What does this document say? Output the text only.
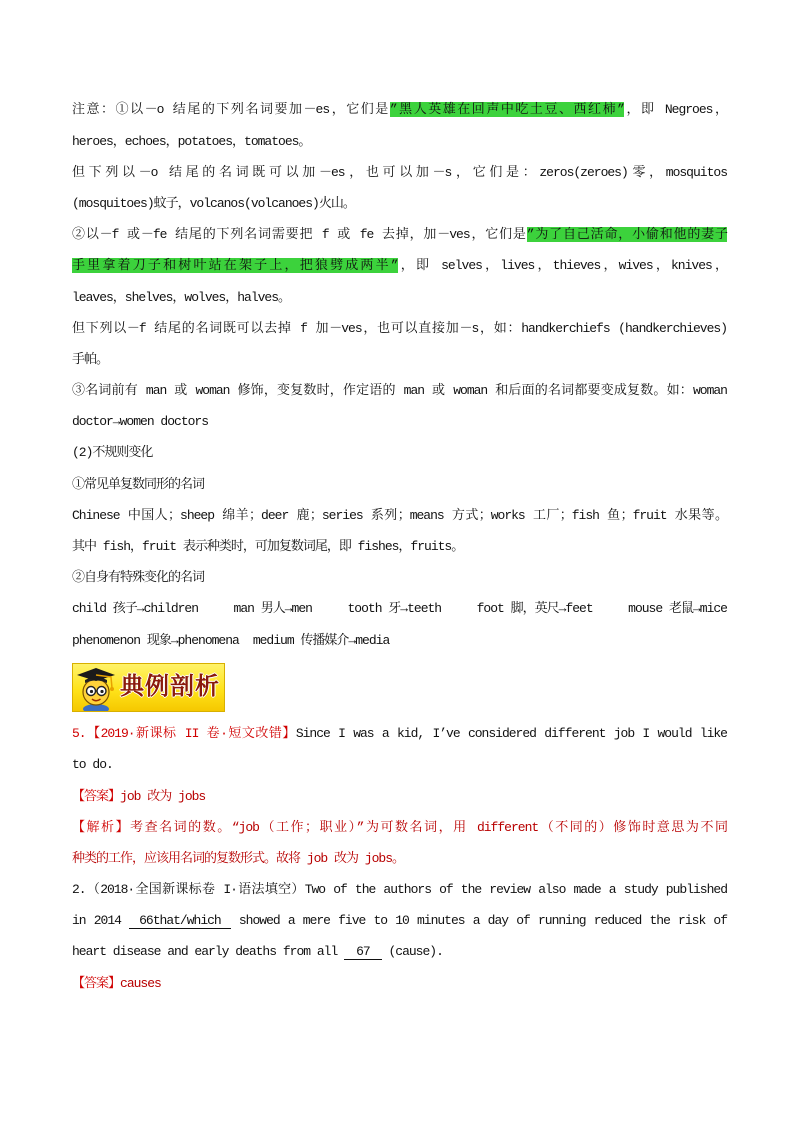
注意：①以－o 结尾的下列名词要加－es，它们是”黑人英雄在回声中吃土豆、西红柿”，即 Negroes，
heroes，echoes，potatoes，tomatoes。
但下列以－o 结尾的名词既可以加－es，也可以加－s，它们是：zeros(zeroes)零，mosquitos
(mosquitoes)蚊子，volcanos(volcanoes)火山。
②以－f 或－fe 结尾的下列名词需要把 f 或 fe 去掉，加－ves，它们是”为了自己活命，小偷和他的妻子
手里拿着刀子和树叶站在架子上，把狼劈成两半”，即 selves，lives，thieves，wives，knives，
leaves，shelves，wolves，halves。
但下列以－f 结尾的名词既可以去掉 f 加－ves，也可以直接加－s，如：handkerchiefs (handkerchieves)
手帕。
③名词前有 man 或 woman 修饰，变复数时，作定语的 man 或 woman 和后面的名词都要变成复数。如：woman
doctor→women doctors
(2)不规则变化
①常见单复数同形的名词
Chinese 中国人；sheep 绵羊；deer 鹿；series 系列；means 方式；works 工厂；fish 鱼；fruit 水果等。
其中 fish，fruit 表示种类时，可加复数词尾，即 fishes，fruits。
②自身有特殊变化的名词
child 孩子→children	man 男人→men	tooth 牙→teeth	foot 脚，英尺→feet	mouse 老鼠→mice
phenomenon 现象→phenomena medium 传播媒介→media
典例剖析
5.【2019·新课标 II 卷·短文改错】Since I was a kid, I’ve considered different job I would like
to do.
【答案】job 改为 jobs
【解析】考查名词的数。“job（工作；职业）”为可数名词，用 different（不同的）修饰时意思为不同
种类的工作，应该用名词的复数形式。故将 job 改为 jobs。
2.（2018·全国新课标卷 I·语法填空）Two of the authors of the review also made a study published
in 2014 66that/which showed a mere five to 10 minutes a day of running reduced the risk of
heart disease and early deaths from all 67 (cause).
【答案】causes
